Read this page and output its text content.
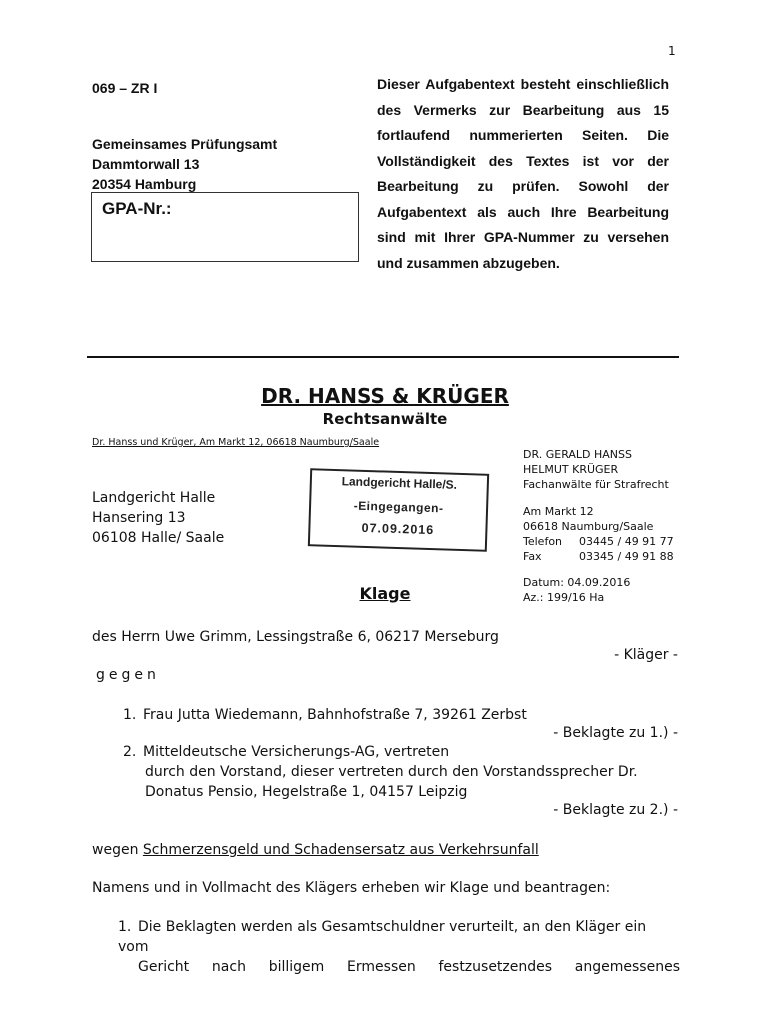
1
069 – ZR I
Gemeinsames Prüfungsamt
Dammtorwall 13
20354 Hamburg
GPA-Nr.:
Dieser Aufgabentext besteht einschließlich des Vermerks zur Bearbeitung aus 15 fortlaufend nummerierten Seiten. Die Vollständigkeit des Textes ist vor der Bearbeitung zu prüfen. Sowohl der Aufgabentext als auch Ihre Bearbeitung sind mit Ihrer GPA-Nummer zu versehen und zusammen abzugeben.
DR. HANSS & KRÜGER
Rechtsanwälte
Dr. Hanss und Krüger, Am Markt 12, 06618 Naumburg/Saale
DR. GERALD HANSS
HELMUT KRÜGER
Fachanwälte für Strafrecht
Am Markt 12
06618 Naumburg/Saale
Telefon	03445 / 49 91 77
Fax	03345 / 49 91 88
Datum: 04.09.2016
Az.: 199/16 Ha
Landgericht Halle
Hansering 13
06108 Halle/ Saale
Landgericht Halle/S.
-Eingegangen-
07.09.2016
Klage
des Herrn Uwe Grimm, Lessingstraße 6, 06217 Merseburg
- Kläger -
gegen
1. Frau Jutta Wiedemann, Bahnhofstraße 7, 39261 Zerbst
- Beklagte zu 1.) -
2. Mitteldeutsche Versicherungs-AG, vertreten
durch den Vorstand, dieser vertreten durch den Vorstandssprecher Dr.
Donatus Pensio, Hegelstraße 1, 04157 Leipzig
- Beklagte zu 2.) -
wegen Schmerzensgeld und Schadensersatz aus Verkehrsunfall
Namens und in Vollmacht des Klägers erheben wir Klage und beantragen:
1. Die Beklagten werden als Gesamtschuldner verurteilt, an den Kläger ein vom
Gericht nach billigem Ermessen festzusetzendes angemessenes
